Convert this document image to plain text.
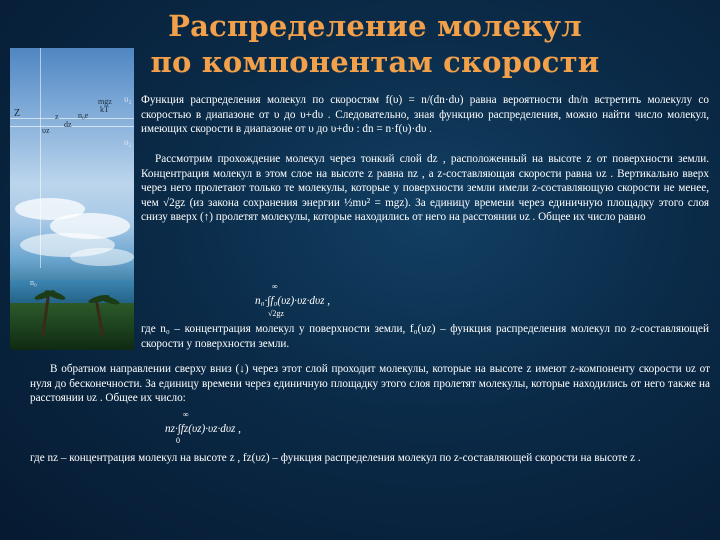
Распределение молекул
по компонентам скорости
Z	z
dz
υz
mgz
kT
n₀e
n₀
υ₂
υ₂
Функция распределения молекул по скоростям f(υ) = n/(dn·dυ) равна вероятности dn/n встретить молекулу со скоростью в диапазоне от υ до υ+dυ . Следовательно, зная функцию распределения, можно найти число молекул, имеющих скорости в диапазоне от υ до υ+dυ : dn = n·f(υ)·dυ .
Рассмотрим прохождение молекул через тонкий слой dz , расположенный на высоте z от поверхности земли. Концентрация молекул в этом слое на высоте z равна nz , а z-составляющая скорости равна υz . Вертикально вверх через него пролетают только те молекулы, которые у поверхности земли имели z-составляющую скорости не менее, чем √2gz (из закона сохранения энергии ½mυ² = mgz). За единицу времени через единичную площадку этого слоя снизу вверх (↑) пролетят молекулы, которые находились от него на расстоянии υz . Общее их число равно
∞
n₀·∫f₀(υz)·υz·dυz ,
√2gz
где n₀ – концентрация молекул у поверхности земли, f₀(υz) – функция распределения молекул по z-составляющей скорости у поверхности земли.
В обратном направлении сверху вниз (↓) через этот слой проходит молекулы, которые на высоте z имеют z-компоненту скорости υz от нуля до бесконечности. За единицу времени через единичную площадку этого слоя пролетят молекулы, которые находились от него также на расстоянии υz . Общее их число:
∞
nz·∫fz(υz)·υz·dυz ,
0
где nz – концентрация молекул на высоте z , fz(υz) – функция распределения молекул по z-составляющей скорости на высоте z .
